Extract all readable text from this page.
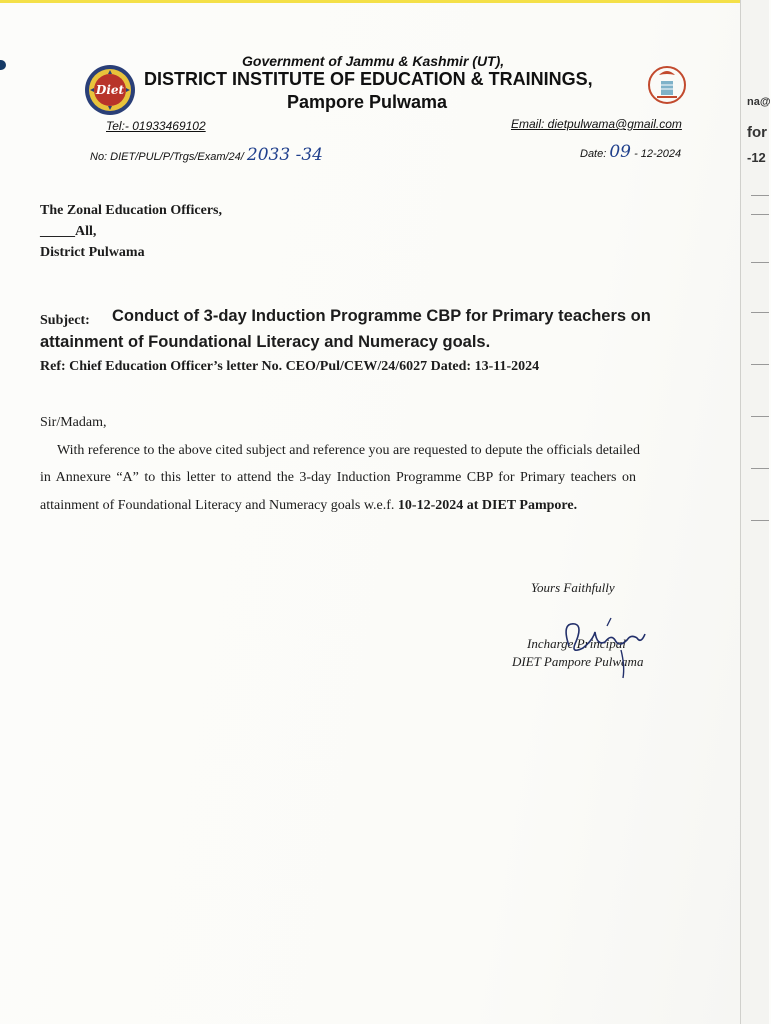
Diet
Government of Jammu & Kashmir (UT),
DISTRICT INSTITUTE OF EDUCATION & TRAININGS,
Pampore Pulwama
Tel:- 01933469102	Email: dietpulwama@gmail.com
No: DIET/PUL/P/Trgs/Exam/24/ 2033 -34	Date: 09 - 12-2024
The Zonal Education Officers,
_____All,
District Pulwama
Subject: Conduct of 3-day Induction Programme CBP for Primary teachers on
attainment of Foundational Literacy and Numeracy goals.
Ref: Chief Education Officer’s letter No. CEO/Pul/CEW/24/6027 Dated: 13-11-2024
Sir/Madam,
With reference to the above cited subject and reference you are requested to depute the officials detailed
in Annexure “A” to this letter to attend the 3-day Induction Programme CBP for Primary teachers on
attainment of Foundational Literacy and Numeracy goals w.e.f. 10-12-2024 at DIET Pampore.
Yours Faithfully
Incharge Principal
DIET Pampore Pulwama
na@
for
-12
